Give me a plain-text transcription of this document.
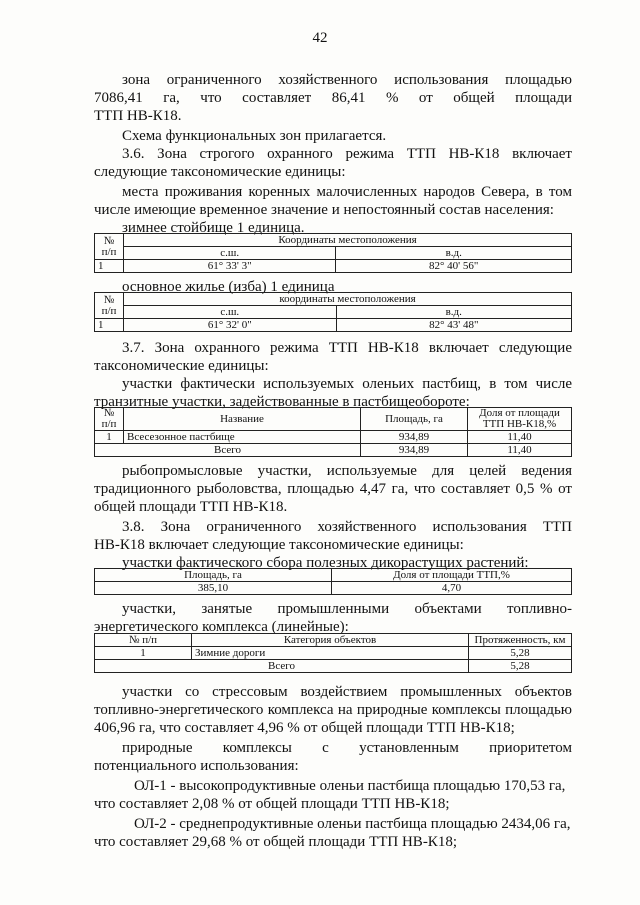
42
зона ограниченного хозяйственного использования площадью
7086,41 га, что составляет 86,41 % от общей площади
ТТП НВ-К18.
Схема функциональных зон прилагается.
3.6. Зона строгого охранного режима ТТП НВ-К18 включает
следующие таксономические единицы:
места проживания коренных малочисленных народов Севера, в том
числе имеющие временное значение и непостоянный состав населения:
зимнее стойбище 1 единица.
№
п/п	Координаты местоположения	
	с.ш.	в.д.
1	61° 33' 3"	82° 40' 56"
основное жилье (изба) 1 единица
№
п/п	координаты местоположения	
	с.ш.	в.д.
1	61° 32' 0"	82° 43' 48"
3.7. Зона охранного режима ТТП НВ-К18 включает следующие
таксономические единицы:
участки фактически используемых оленьих пастбищ, в том числе
транзитные участки, задействованные в пастбищеобороте:
№
п/п	Название	Площадь, га	Доля от площади
ТТП НВ-К18,%
1	Всесезонное пастбище	934,89	11,40
Всего		934,89	11,40
рыбопромысловые участки, используемые для целей ведения
традиционного рыболовства, площадью 4,47 га, что составляет 0,5 % от
общей площади ТТП НВ-К18.
3.8. Зона ограниченного хозяйственного использования ТТП
НВ-К18 включает следующие таксономические единицы:
участки фактического сбора полезных дикорастущих растений:
Площадь, га	Доля от площади ТТП,%
385,10	4,70
участки, занятые промышленными объектами топливно-
энергетического комплекса (линейные):
№ п/п	Категория объектов	Протяженность, км
1	Зимние дороги	5,28
Всего		5,28
участки со стрессовым воздействием промышленных объектов
топливно-энергетического комплекса на природные комплексы площадью
406,96 га, что составляет 4,96 % от общей площади ТТП НВ-К18;
природные комплексы с установленным приоритетом
потенциального использования:
ОЛ-1 - высокопродуктивные оленьи пастбища площадью 170,53 га,
что составляет 2,08 % от общей площади ТТП НВ-К18;
ОЛ-2 - среднепродуктивные оленьи пастбища площадью 2434,06 га,
что составляет 29,68 % от общей площади ТТП НВ-К18;
